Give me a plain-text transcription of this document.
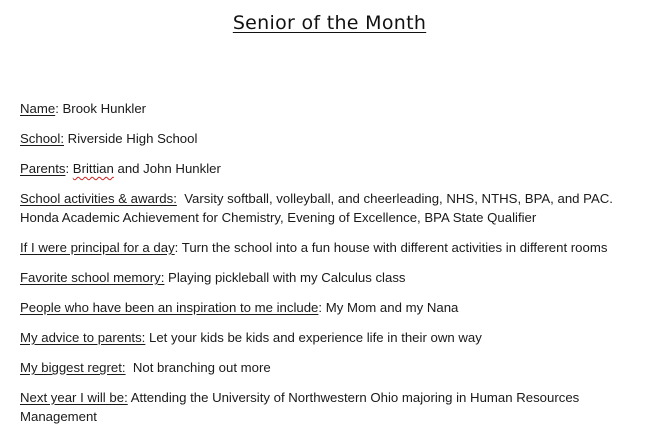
Senior of the Month

Name: Brook Hunkler

School: Riverside High School

Parents: Brittian and John Hunkler

School activities & awards: Varsity softball, volleyball, and cheerleading, NHS, NTHS, BPA, and PAC. Honda Academic Achievement for Chemistry, Evening of Excellence, BPA State Qualifier

If I were principal for a day: Turn the school into a fun house with different activities in different rooms

Favorite school memory: Playing pickleball with my Calculus class

People who have been an inspiration to me include: My Mom and my Nana

My advice to parents: Let your kids be kids and experience life in their own way

My biggest regret: Not branching out more

Next year I will be: Attending the University of Northwestern Ohio majoring in Human Resources Management
